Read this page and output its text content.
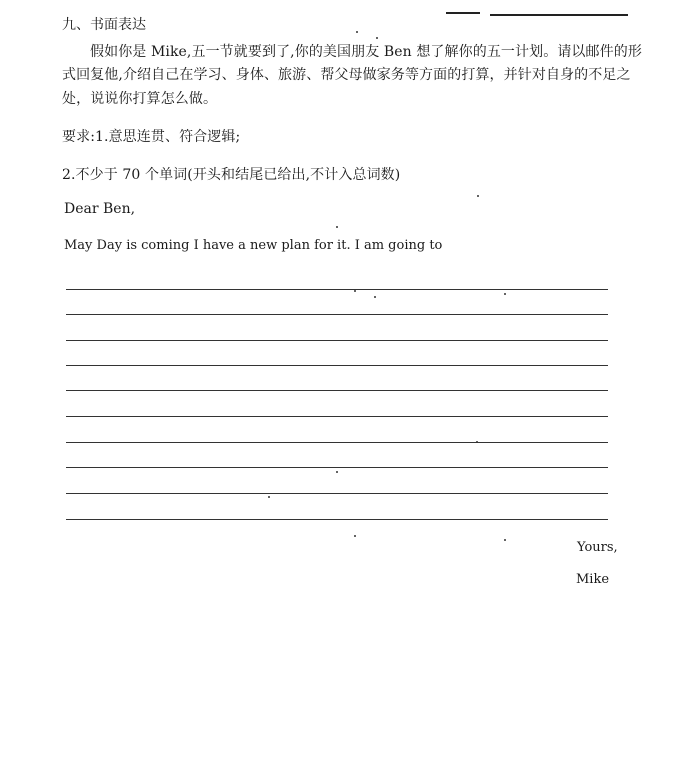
九、书面表达
假如你是 Mike,五一节就要到了,你的美国朋友 Ben 想了解你的五一计划。请以邮件的形
式回复他,介绍自己在学习、身体、旅游、帮父母做家务等方面的打算，并针对自身的不足之
处，说说你打算怎么做。
要求:1.意思连贯、符合逻辑;
2.不少于 70 个单词(开头和结尾已给出,不计入总词数)
Dear Ben,
May Day is coming I have a new plan for it. I am going to
Yours,
Mike
